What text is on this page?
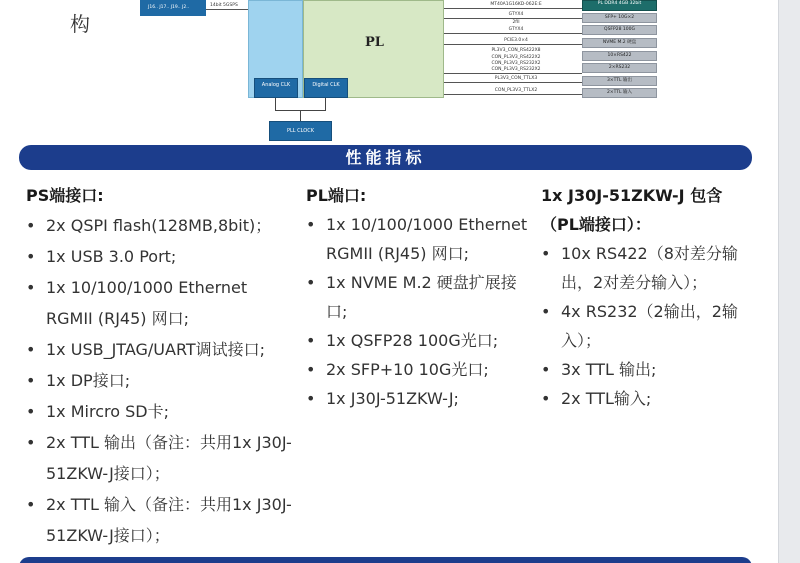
构
J16.. J17.. J19.. J2..	14bit 5GSPS
PL
Analog CLK	Digital CLK
PLL CLOCK
PL DDR4 4GB 32bit
MT40A1G16KD-062E:E
GTYX4
2fII
GTYX4
PCIE3.0×4
PL3V3_CON_RS422X8
CON_PL3V3_RS422X2
CON_PL3V3_RS232X2
CON_PL3V3_RS232X2
PL3V3_CON_TTLX3
CON_PL3V3_TTLX2
SFP+ 10G×2
QSFP28 100G
NVME M.2 硬盘
10×RS422
2×RS232
3×TTL 输出
2×TTL 输入
性能指标
PS端接口:
• 2x QSPI flash(128MB,8bit)；
• 1x USB 3.0 Port;
• 1x 10/100/1000 Ethernet RGMII (RJ45) 网口;
• 1x USB_JTAG/UART调试接口;
• 1x DP接口;
• 1x Mircro SD卡;
• 2x TTL 输出（备注：共用1x J30J-51ZKW-J接口）；
• 2x TTL 输入（备注：共用1x J30J-51ZKW-J接口）；
PL端口:
• 1x 10/100/1000 Ethernet RGMII (RJ45) 网口;
• 1x NVME M.2 硬盘扩展接口;
• 1x QSFP28 100G光口;
• 2x SFP+10 10G光口;
• 1x J30J-51ZKW-J;
1x J30J-51ZKW-J 包含（PL端接口）：
• 10x RS422（8对差分输出，2对差分输入）；
• 4x RS232（2输出，2输入）；
• 3x TTL 输出;
• 2x TTL输入;
